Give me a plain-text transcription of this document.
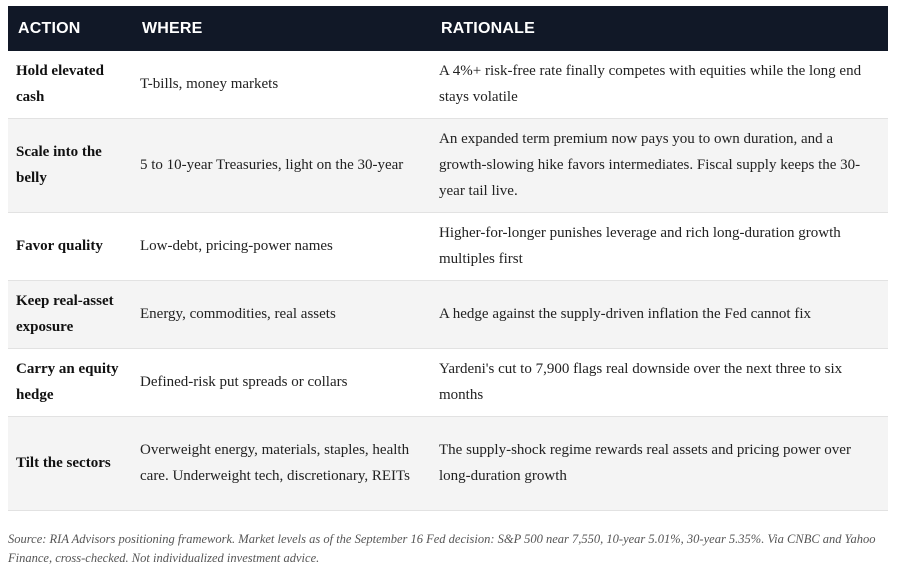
ACTION	WHERE	RATIONALE
Hold elevated cash	T-bills, money markets	A 4%+ risk-free rate finally competes with equities while the long end stays volatile
Scale into the belly	5 to 10-year Treasuries, light on the 30-year	An expanded term premium now pays you to own duration, and a growth-slowing hike favors intermediates. Fiscal supply keeps the 30-year tail live.
Favor quality	Low-debt, pricing-power names	Higher-for-longer punishes leverage and rich long-duration growth multiples first
Keep real-asset exposure	Energy, commodities, real assets	A hedge against the supply-driven inflation the Fed cannot fix
Carry an equity hedge	Defined-risk put spreads or collars	Yardeni's cut to 7,900 flags real downside over the next three to six months
Tilt the sectors	Overweight energy, materials, staples, health care. Underweight tech, discretionary, REITs	The supply-shock regime rewards real assets and pricing power over long-duration growth
Source: RIA Advisors positioning framework. Market levels as of the September 16 Fed decision: S&P 500 near 7,550, 10-year 5.01%, 30-year 5.35%. Via CNBC and Yahoo Finance, cross-checked. Not individualized investment advice.
